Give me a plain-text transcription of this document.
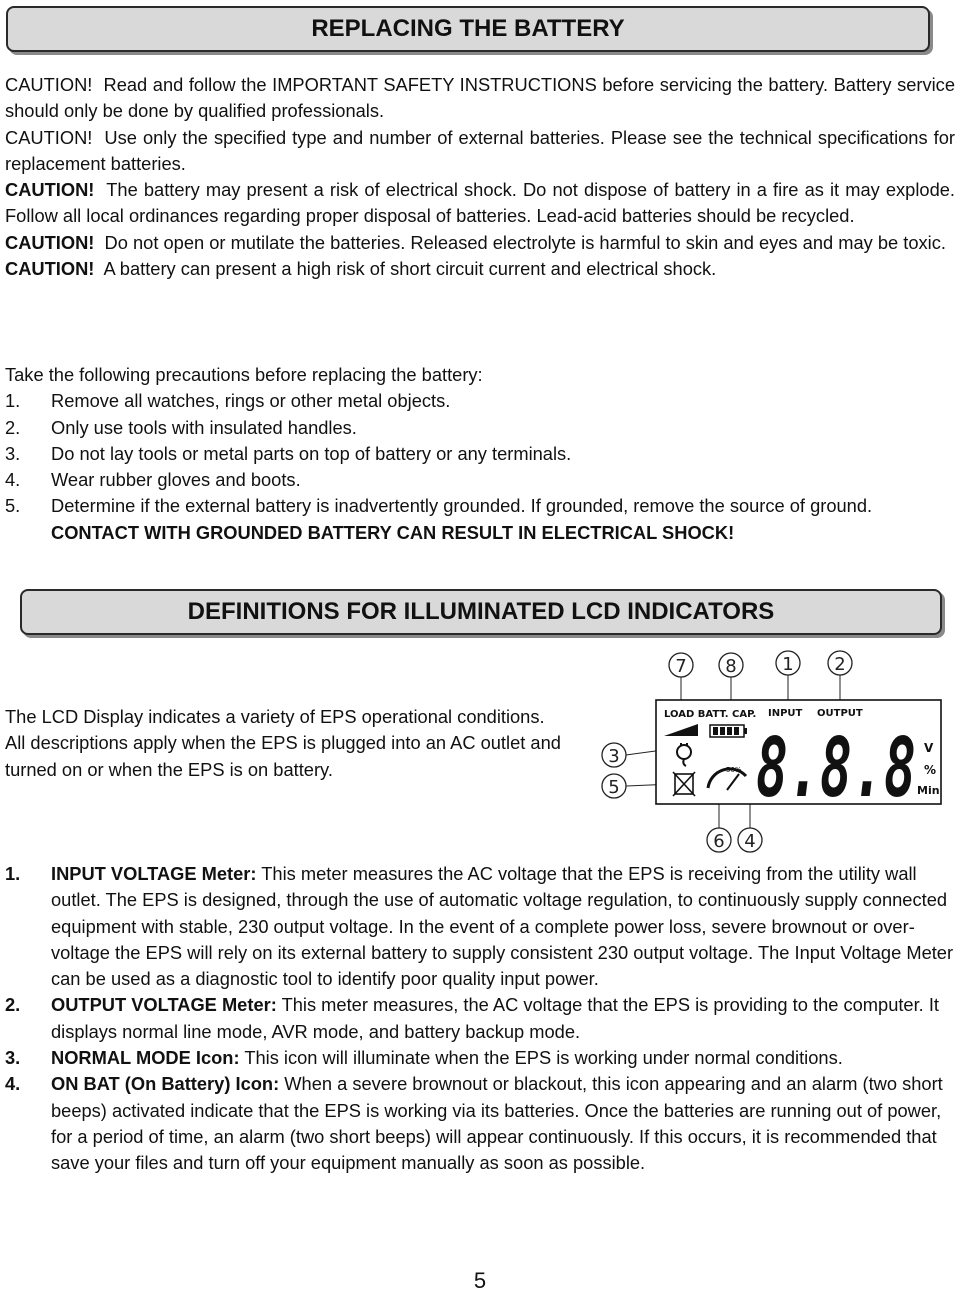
REPLACING THE BATTERY

CAUTION! Read and follow the IMPORTANT SAFETY INSTRUCTIONS before servicing the battery. Battery service should only be done by qualified professionals.

CAUTION! Use only the specified type and number of external batteries. Please see the technical specifications for replacement batteries.

CAUTION! The battery may present a risk of electrical shock. Do not dispose of battery in a fire as it may explode. Follow all local ordinances regarding proper disposal of batteries. Lead-acid batteries should be recycled.

CAUTION! Do not open or mutilate the batteries. Released electrolyte is harmful to skin and eyes and may be toxic.

CAUTION! A battery can present a high risk of short circuit current and electrical shock.

Take the following precautions before replacing the battery:

1.	Remove all watches, rings or other metal objects.
2.	Only use tools with insulated handles.
3.	Do not lay tools or metal parts on top of battery or any terminals.
4.	Wear rubber gloves and boots.
5.	Determine if the external battery is inadvertently grounded. If grounded, remove the source of ground. CONTACT WITH GROUNDED BATTERY CAN RESULT IN ELECTRICAL SHOCK!
DEFINITIONS FOR ILLUMINATED LCD INDICATORS

The LCD Display indicates a variety of EPS operational conditions. All descriptions apply when the EPS is plugged into an AC outlet and turned on or when the EPS is on battery.

7 8	1 2
3
5
6 4
LOAD BATT. CAP. INPUT OUTPUT
50% 8.8.8 V
%
Min
1.	INPUT VOLTAGE Meter: This meter measures the AC voltage that the EPS is receiving from the utility wall outlet. The EPS is designed, through the use of automatic voltage regulation, to continuously supply connected equipment with stable, 230 output voltage. In the event of a complete power loss, severe brownout or over-voltage the EPS will rely on its external battery to supply consistent 230 output voltage. The Input Voltage Meter can be used as a diagnostic tool to identify poor quality input power.
2.	OUTPUT VOLTAGE Meter: This meter measures, the AC voltage that the EPS is providing to the computer. It displays normal line mode, AVR mode, and battery backup mode.
3.	NORMAL MODE Icon: This icon will illuminate when the EPS is working under normal conditions.
4.	ON BAT (On Battery) Icon: When a severe brownout or blackout, this icon appearing and an alarm (two short beeps) activated indicate that the EPS is working via its batteries. Once the batteries are running out of power, for a period of time, an alarm (two short beeps) will appear continuously. If this occurs, it is recommended that save your files and turn off your equipment manually as soon as possible.
5
